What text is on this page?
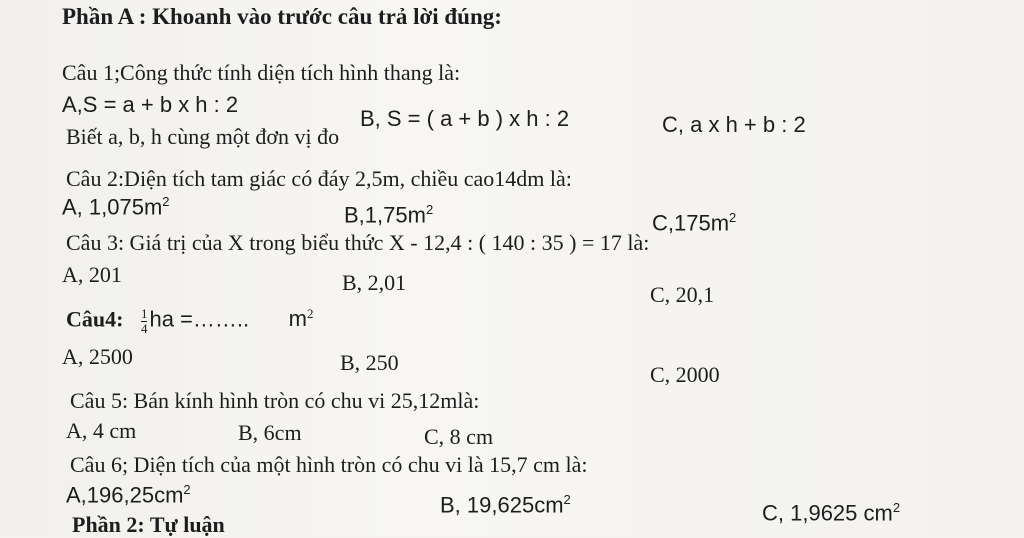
Phần A : Khoanh vào trước câu trả lời đúng:
Câu 1;Công thức tính diện tích hình thang là:
A,S = a + b x h : 2
B, S = ( a + b ) x h : 2	C, a x h + b : 2
Biết a, b, h cùng một đơn vị đo
Câu 2:Diện tích tam giác có đáy 2,5m, chiều cao14dm là:
A, $1,075m^2$
$B,1,75m^2$
$C,175m^2$
Câu 3: Giá trị của X trong biểu thức X - 12,4 : ( 140 : 35 ) = 17 là:
A, 201	B, 2,01	C, 20,1
Câu4: $\frac{1}{4}$ ha =…….. $m^2$
A, 2500	B, 250	C, 2000
Câu 5: Bán kính hình tròn có chu vi 25,12mlà:
A, 4 cm	B, 6cm	C, 8 cm
Câu 6; Diện tích của một hình tròn có chu vi là 15,7 cm là:
$A,196,25cm^2$
B, $19,625cm^2$
C, 1,9625 $cm^2$
Phần 2: Tự luận
